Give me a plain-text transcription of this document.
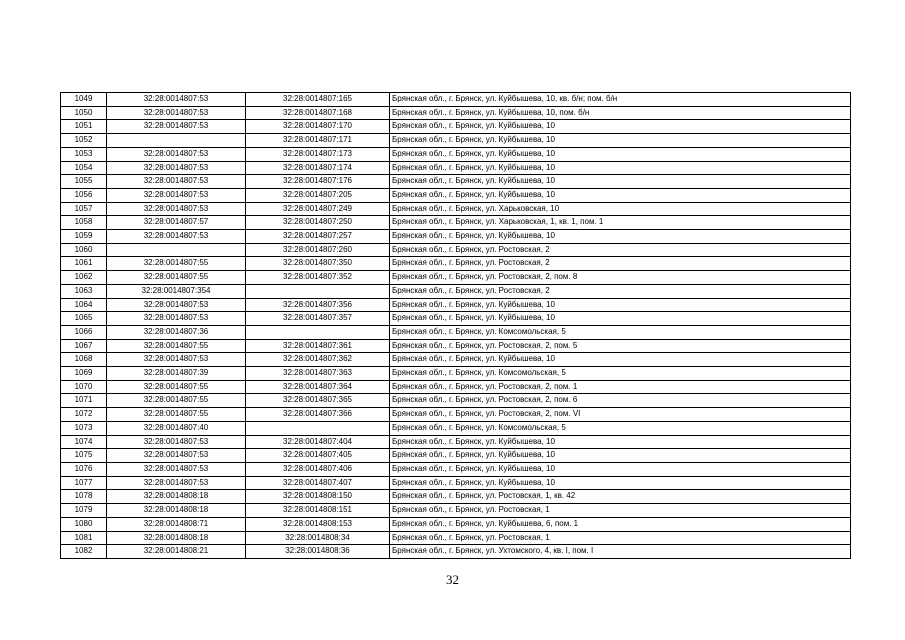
1049	32:28:0014807:53	32:28:0014807:165	Брянская обл., г. Брянск, ул. Куйбышева, 10, кв. б/н; пом. б/н
1050	32:28:0014807:53	32:28:0014807:168	Брянская обл., г. Брянск, ул. Куйбышева, 10, пом. б/н
1051	32:28:0014807:53	32:28:0014807:170	Брянская обл., г. Брянск, ул. Куйбышева, 10
1052		32:28:0014807:171	Брянская обл., г. Брянск, ул. Куйбышева, 10
1053	32:28:0014807:53	32:28:0014807:173	Брянская обл., г. Брянск, ул. Куйбышева, 10
1054	32:28:0014807:53	32:28:0014807:174	Брянская обл., г. Брянск, ул. Куйбышева, 10
1055	32:28:0014807:53	32:28:0014807:176	Брянская обл., г. Брянск, ул. Куйбышева, 10
1056	32:28:0014807:53	32:28:0014807:205	Брянская обл., г. Брянск, ул. Куйбышева, 10
1057	32:28:0014807:53	32:28:0014807:249	Брянская обл., г. Брянск, ул. Харьковская, 10
1058	32:28:0014807:57	32:28:0014807:250	Брянская обл., г. Брянск, ул. Харьковская, 1, кв. 1, пом. 1
1059	32:28:0014807:53	32:28:0014807:257	Брянская обл., г. Брянск, ул. Куйбышева, 10
1060		32:28:0014807:260	Брянская обл., г. Брянск, ул. Ростовская, 2
1061	32:28:0014807:55	32:28:0014807:350	Брянская обл., г. Брянск, ул. Ростовская, 2
1062	32:28:0014807:55	32:28:0014807:352	Брянская обл., г. Брянск, ул. Ростовская, 2, пом. 8
1063	32:28:0014807:354		Брянская обл., г. Брянск, ул. Ростовская, 2
1064	32:28:0014807:53	32:28:0014807:356	Брянская обл., г. Брянск, ул. Куйбышева, 10
1065	32:28:0014807:53	32:28:0014807:357	Брянская обл., г. Брянск, ул. Куйбышева, 10
1066	32:28:0014807:36		Брянская обл., г. Брянск, ул. Комсомольская, 5
1067	32:28:0014807:55	32:28:0014807:361	Брянская обл., г. Брянск, ул. Ростовская, 2, пом. 5
1068	32:28:0014807:53	32:28:0014807:362	Брянская обл., г. Брянск, ул. Куйбышева, 10
1069	32:28:0014807:39	32:28:0014807:363	Брянская обл., г. Брянск, ул. Комсомольская, 5
1070	32:28:0014807:55	32:28:0014807:364	Брянская обл., г. Брянск, ул. Ростовская, 2, пом. 1
1071	32:28:0014807:55	32:28:0014807:365	Брянская обл., г. Брянск, ул. Ростовская, 2, пом. 6
1072	32:28:0014807:55	32:28:0014807:366	Брянская обл., г. Брянск, ул. Ростовская, 2, пом. VI
1073	32:28:0014807:40		Брянская обл., г. Брянск, ул. Комсомольская, 5
1074	32:28:0014807:53	32:28:0014807:404	Брянская обл., г. Брянск, ул. Куйбышева, 10
1075	32:28:0014807:53	32:28:0014807:405	Брянская обл., г. Брянск, ул. Куйбышева, 10
1076	32:28:0014807:53	32:28:0014807:406	Брянская обл., г. Брянск, ул. Куйбышева, 10
1077	32:28:0014807:53	32:28:0014807:407	Брянская обл., г. Брянск, ул. Куйбышева, 10
1078	32:28:0014808:18	32:28:0014808:150	Брянская обл., г. Брянск, ул. Ростовская, 1, кв. 42
1079	32:28:0014808:18	32:28:0014808:151	Брянская обл., г. Брянск, ул. Ростовская, 1
1080	32:28:0014808:71	32:28:0014808:153	Брянская обл., г. Брянск, ул. Куйбышева, 6, пом. 1
1081	32:28:0014808:18	32:28:0014808:34	Брянская обл., г. Брянск, ул. Ростовская, 1
1082	32:28:0014808:21	32:28:0014808:36	Брянская обл., г. Брянск, ул. Ухтомского, 4, кв. I, пом. I
32
